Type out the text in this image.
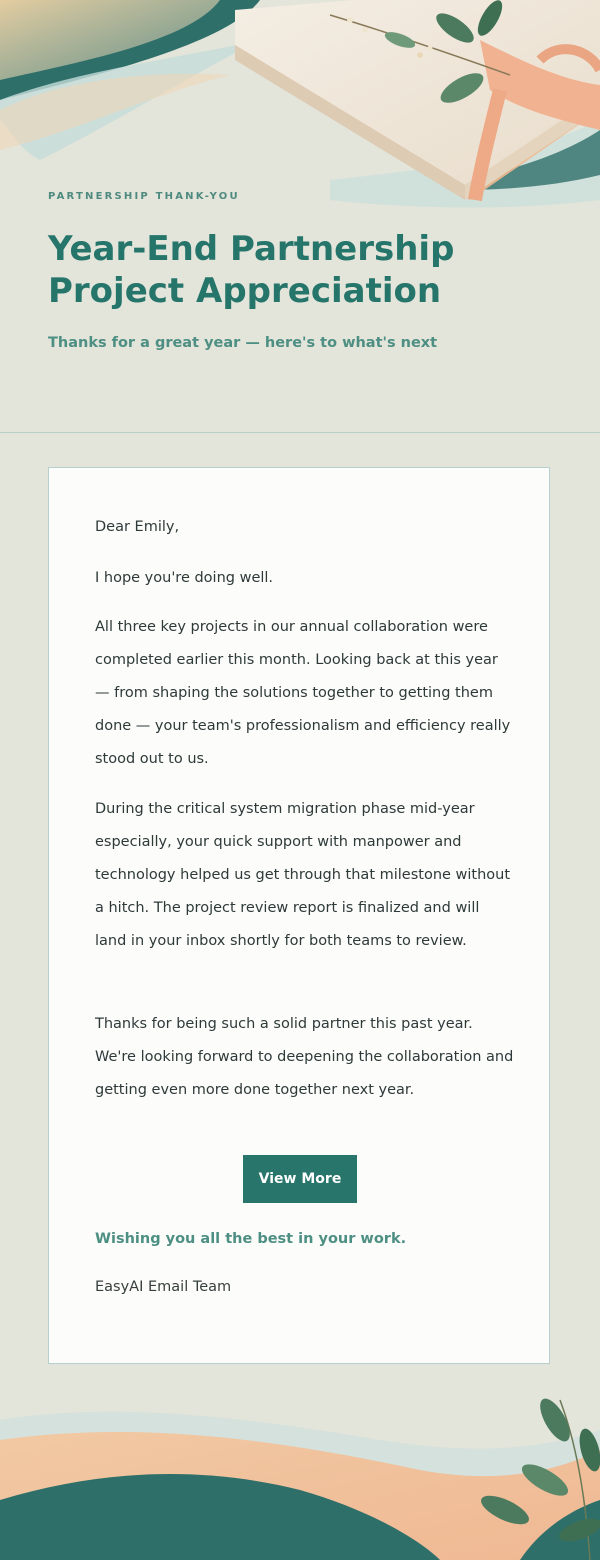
PARTNERSHIP THANK-YOU
Year-End Partnership Project Appreciation

Thanks for a great year — here's to what's next

Dear Emily,

I hope you're doing well.

All three key projects in our annual collaboration were completed earlier this month. Looking back at this year — from shaping the solutions together to getting them done — your team's professionalism and efficiency really stood out to us.

During the critical system migration phase mid-year especially, your quick support with manpower and technology helped us get through that milestone without a hitch. The project review report is finalized and will land in your inbox shortly for both teams to review.

Thanks for being such a solid partner this past year. We're looking forward to deepening the collaboration and getting even more done together next year.

View More

Wishing you all the best in your work.

EasyAI Email Team
